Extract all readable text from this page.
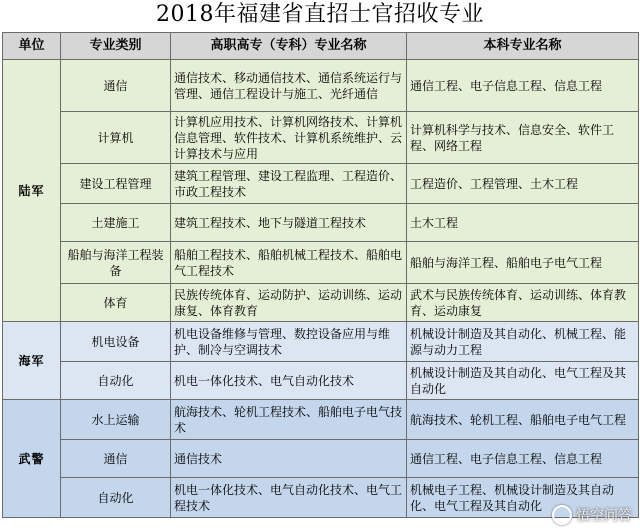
2018年福建省直招士官招收专业
单位	专业类别	高职高专（专科）专业名称	本科专业名称
陆军	通信	通信技术、移动通信技术、通信系统运行与管理、通信工程设计与施工、光纤通信	通信工程、电子信息工程、信息工程
	计算机	计算机应用技术、计算机网络技术、计算机信息管理、软件技术、计算机系统维护、云计算技术与应用	计算机科学与技术、信息安全、软件工程、网络工程
	建设工程管理	建筑工程管理、建设工程监理、工程造价、市政工程技术	工程造价、工程管理、土木工程
	土建施工	建筑工程技术、地下与隧道工程技术	土木工程
	船舶与海洋工程装备	船舶工程技术、船舶机械工程技术、船舶电气工程技术	船舶与海洋工程、船舶电子电气工程
	体育	民族传统体育、运动防护、运动训练、运动康复、体育教育	武术与民族传统体育、运动训练、体育教育、运动康复
海军	机电设备	机电设备维修与管理、数控设备应用与维护、制冷与空调技术	机械设计制造及其自动化、机械工程、能源与动力工程
	自动化	机电一体化技术、电气自动化技术	机械设计制造及其自动化、电气工程及其自动化
武警	水上运输	航海技术、轮机工程技术、船舶电子电气技术	航海技术、轮机工程、船舶电子电气工程
	通信	通信技术	通信工程、电子信息工程、信息工程
	自动化	机电一体化技术、电气自动化技术、电气工程技术	机械电子工程、机械设计制造及其自动化、电气工程及其自动化
悟空问答
